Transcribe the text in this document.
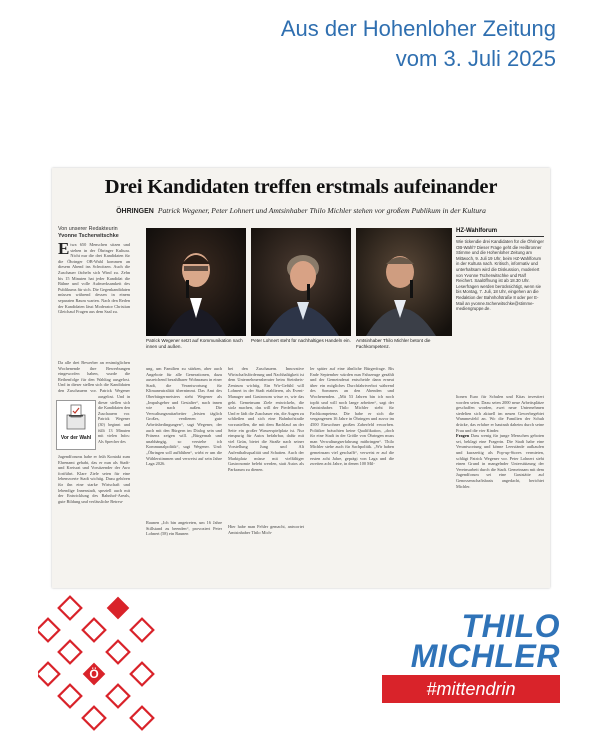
Aus der Hohenloher Zeitung
vom 3. Juli 2025
Drei Kandidaten treffen erstmals aufeinander
ÖHRINGEN Patrick Wegener, Peter Lohnert und Amtsinhaber Thilo Michler stehen vor großem Publikum in der Kultura
Von unserer Redakteurin
Yvonne Tscherwitschke
Etwa 650 Menschen sitzen und stehen in der Öhringer Kultura. Nicht nur die drei Kandidaten für die Öhringer OB-Wahl kommen an diesem Abend ins Schwitzen. Auch die Zuschauer fächeln sich Wind zu. Zehn bis 15 Minuten hat jeder Kandidat die Bühne und volle Aufmerksamkeit des Publikums für sich. Die Gegenkandidaten müssen während dessen in einem separaten Raum warten. Nach den Reden der Kandidaten lässt Moderator Christian Gleichauf Fragen aus dem Saal zu.
Da alle drei Bewerber an erstmöglichen Wochenende ihre Bewerbungen eingeworfen haben, wurde die Reihenfolge für den Wahltag ausgelost. Und in dieser stellen sich die Kandidaten den Zuschauern vor. Patrick Wegener
ausgelost. Und in dieser stellen sich die Kandidaten den Zuschauern vor. Patrick Wegener (30) beginnt und füllt 13 Minuten mit vielen Infos: Als Sprecher des
Vor der Wahl
Jugendforums habe er früh Kontakt zum Ehrenamt gehabt, das er nun als Stadt- und Kreisrat und Vorsitzender der Awo fortführt. Klare Ziele seien für eine lebenswerte Stadt wichtig. Dazu gehören für ihn eine starke Wirtschaft und lebendige Innenstadt, speziell auch mit der Entwicklung des Bahnhof-Areals, gute Bildung und verlässliche Betreu-
Patrick Wegener setzt auf Kommunikation nach innen und außen.
Peter Lohnert steht für nachhaltiges Handeln ein. Amtsinhaber Thilo Michler betont die Fachkompetenz.
HZ-Wahlforum
Wie tickendie drei Kandidaten für die Öhringer OB-Wahl? Dieser Frage geht die Heilbronner Stimme und die Hohenloher Zeitung am Mittwoch, 9. Juli 19 Uhr, beim HZ-Wahlforum in der Kultura nach. Kritisch, informativ und unterhaltsam wird die Diskussion, moderiert von Yvonne Tscherwitschke und Ralf Reichert. Saalöffnung ist ab 18.30 Uhr. Leserfragen werden berücksichtigt, wenn sie bis Montag, 7. Juli, 18 Uhr, eingehen an die Redaktion der Bahnhofstraße 8 oder per E-Mail an yvonne.tscherwitschke@stimme-mediengruppe.de.
ung, um Familien zu stärken, aber auch Angebote für alle Generationen, dazu ausreichend bezahlbarer Wohnraum in einer Stadt, die Verantwortung für Klimaneutralität übernimmt. Das Amt des Oberbürgermeisters sieht Wegener als „Impulsgeber und Gestalter“, nach innen wie nach außen. Die Verwaltungsmitarbeiter „leisten täglich Großes, verdienen gute Arbeitsbedingungen“, sagt Wegener, der auch mit den Bürgern im Dialog sein und Präsenz zeigen will. „Bürgernah und unabhängig, so verstehe ich Kommunalpolitik“, sagt Wegener. Und: „Öhringen soll aufblühen“, wirbt er um die Wählerstimmen und verweist auf sein Jahre Laga 2026.
Raunen „Ich bin angetreten, um 16 Jahre Stillstand zu beenden“, provoziert Peter Lohnert (58) ein Raunen
bei den Zuschauern. Innovative Wirtschaftsförderung und Nachhaltigkeit ist dem Unternehmensberater beim Steinbeis-Zentrum wichtig. Ein Wir-Gefühl will Lohnert in der Stadt etablieren, als Event-Manager und Gastronom wisse er, wie das geht. Gemeinsam Ziele entwickeln, die stolz machen, das will der Piedelbacher. Und er lädt die Zuschauer ein, die Augen zu schließen und sich eine Bahnhofstraße vorzustellen, die mit dem Bachlauf an der Seite ein großer Wasserspielplatz ist. Nur einspurig für Autos befahrbar, dafür mit viel Grün, bietet die Straße nach seiner Vorstellung Jung und Alt Aufenthaltsqualität und Schatten. Auch der Marktplatz müsse mit vielfältiger Gastronomie belebt werden, statt Autos als Parkraum zu dienen.
Hier habe man Fehler gemacht, antwortet Amtsinhaber Thilo Mich-
ler später auf eine ähnliche Bürgerfrage. Bis Ende September würden nun Fahrzeuge gezählt und der Gemeinderat entscheide dann erneut über ein mögliches Durchfahrtverbot während des Sommers an den Abenden und Wochenenden. „Mit 53 Jahren bin ich noch topfit und will noch lange arbeiten“, sagt der Amtsinhaber. Thilo Michler steht für Fachkompetenz. Die habe er sich die vergangenen 16 Jahre in Öhringen und zuvor im 4500 Einwohner großen Zaberfeld erworben. Politiker bräuchten keine Qualifikation, „doch für eine Stadt in der Größe von Öhringen muss man Verwaltungserfahrung mitbringen“. Thilo Michler stehe auch für Sachpolitik. „Wir haben gemeinsam viel geschafft“, verweist er auf die ersten acht Jahre, geprägt von Laga und die zweiten acht Jahre, in denen 100 Mil-
lionen Euro für Schulen und Kitas investiert worden seien. Dazu seien 2000 neue Arbeitsplätze geschaffen worden, zwei neue Unternehmen siedelten sich aktuell im neuen Gewerbegebiet Wammesfeld an. Wo die Familien der Schuh drücke, das erfahre er hautnah daheim durch seine Frau und die vier Kinder.
Fragen Dass wenig für junge Menschen geboten sei, beklagt eine Fragerin. Die Stadt habe eine Verantwortung und könne Leerstände aufkaufen und kurzzeitig als Pop-up-Stores vermieten, schlägt Patrick Wegener vor. Peter Lohnert sieht einen Grund in mangelnder Unterstützung der Vereinsarbeit durch die Stadt. Gemeinsam mit dem Jugendforum sei eine Gaststätte auf Genossenschaftsbasis angedacht, berichtet Michler.
Ö
THILO
MICHLER
#mittendrin
